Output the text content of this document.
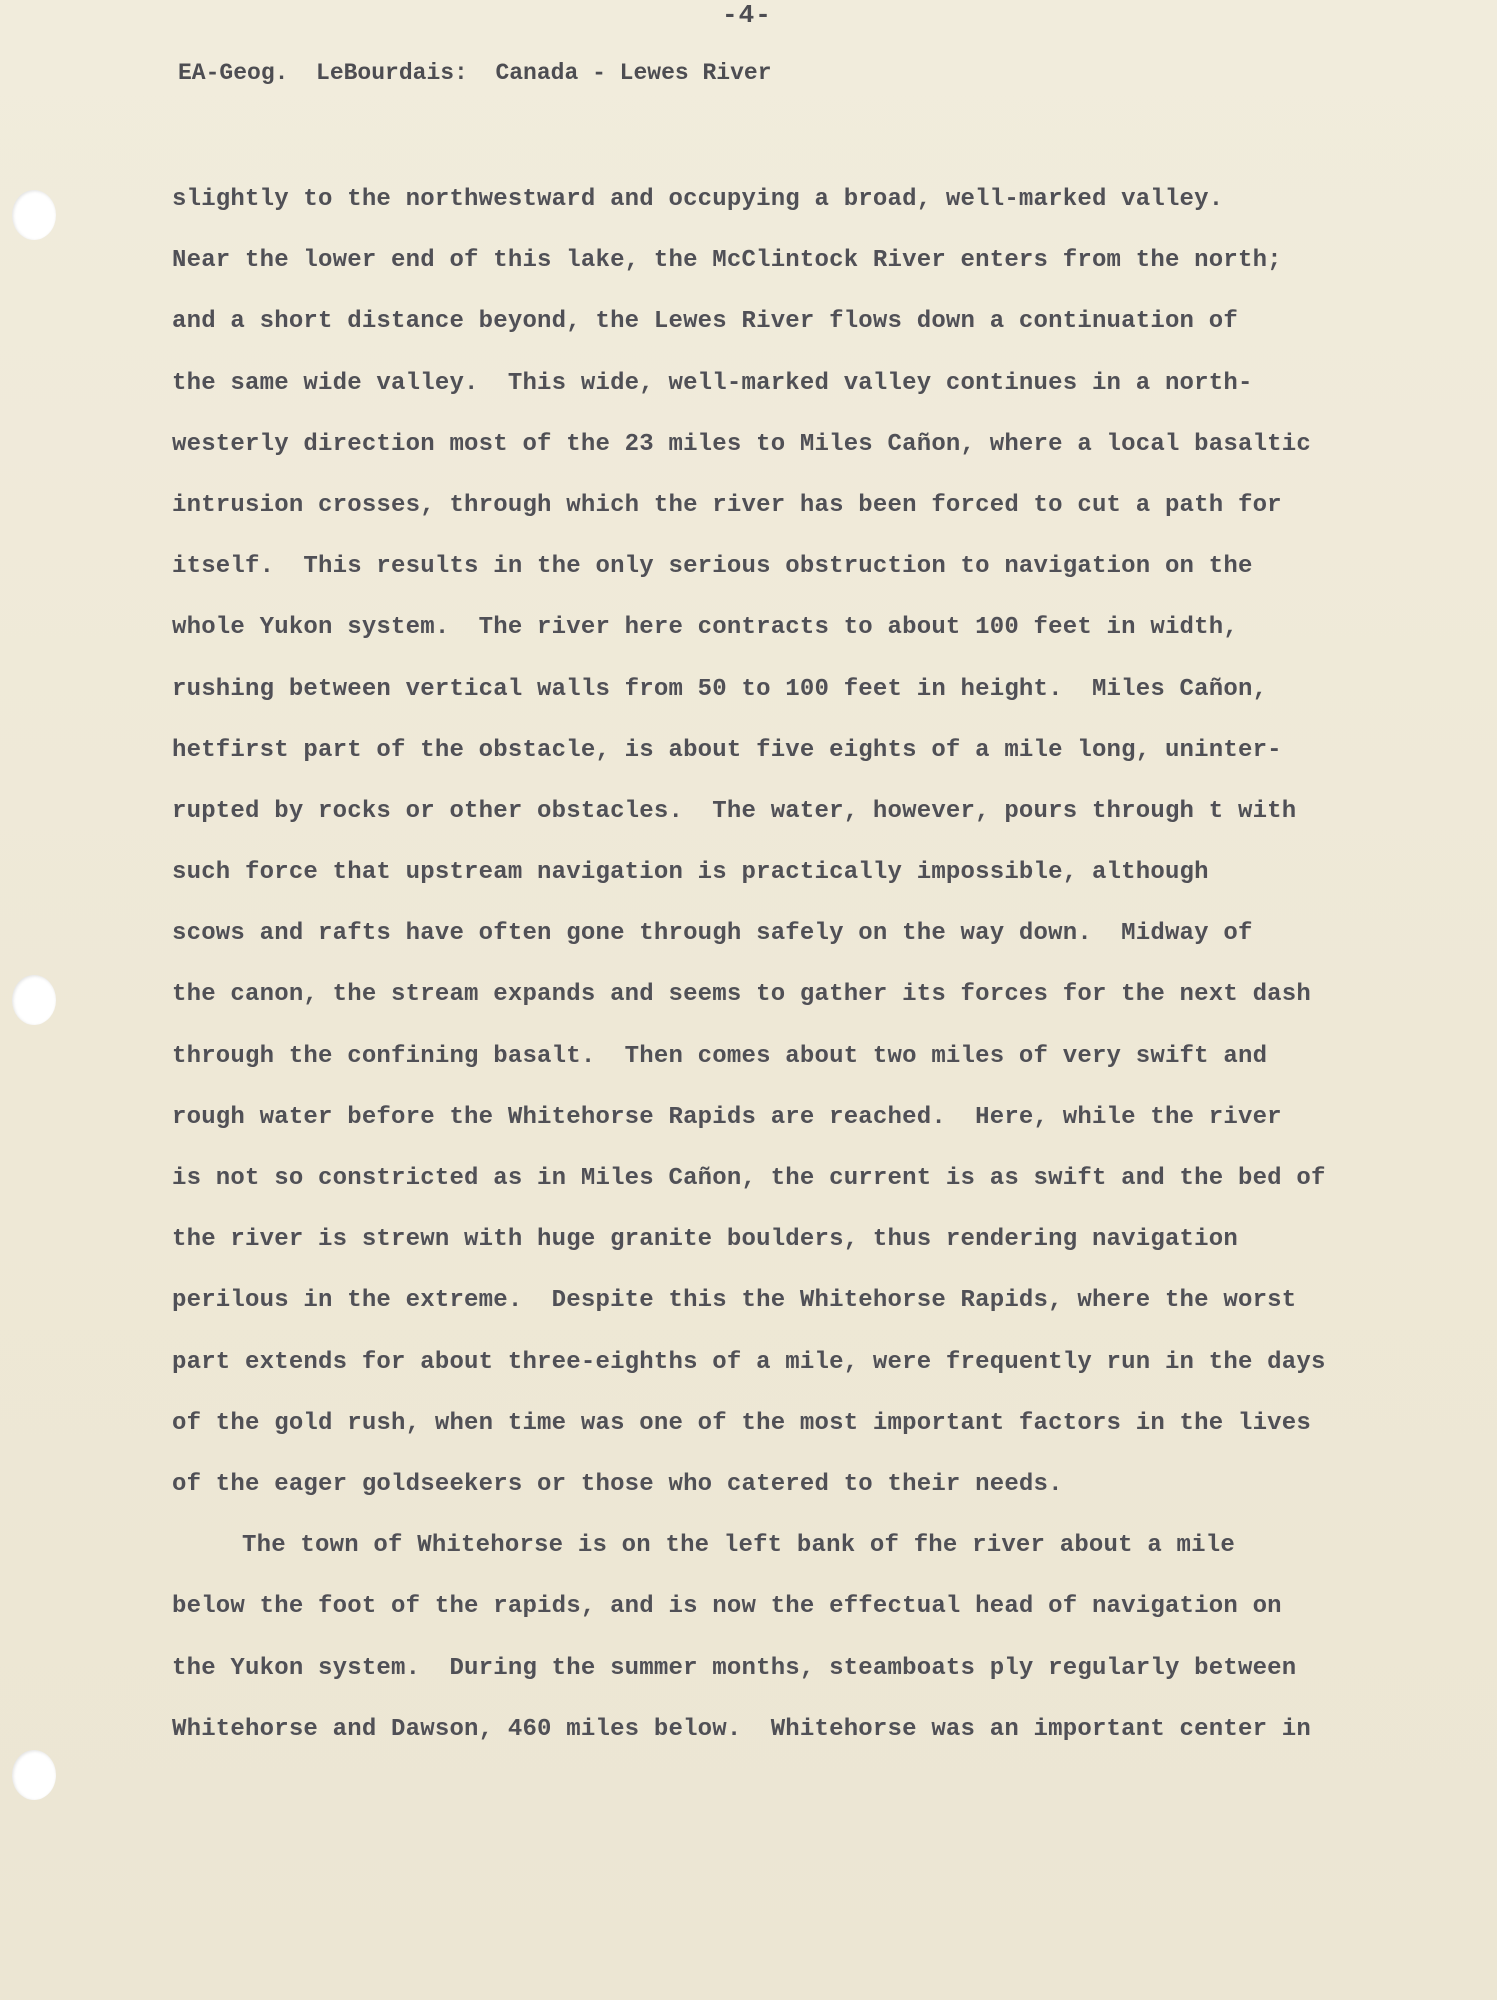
-4-
EA-Geog.  LeBourdais:  Canada - Lewes River
slightly to the northwestward and occupying a broad, well-marked valley.
Near the lower end of this lake, the McClintock River enters from the north;
and a short distance beyond, the Lewes River flows down a continuation of
the same wide valley.  This wide, well-marked valley continues in a north-
westerly direction most of the 23 miles to Miles Cañon, where a local basaltic
intrusion crosses, through which the river has been forced to cut a path for
itself.  This results in the only serious obstruction to navigation on the
whole Yukon system.  The river here contracts to about 100 feet in width,
rushing between vertical walls from 50 to 100 feet in height.  Miles Cañon,
hetfirst part of the obstacle, is about five eights of a mile long, uninter-
rupted by rocks or other obstacles.  The water, however, pours through t with
such force that upstream navigation is practically impossible, although
scows and rafts have often gone through safely on the way down.  Midway of
the canon, the stream expands and seems to gather its forces for the next dash
through the confining basalt.  Then comes about two miles of very swift and
rough water before the Whitehorse Rapids are reached.  Here, while the river
is not so constricted as in Miles Cañon, the current is as swift and the bed of
the river is strewn with huge granite boulders, thus rendering navigation
perilous in the extreme.  Despite this the Whitehorse Rapids, where the worst
part extends for about three-eighths of a mile, were frequently run in the days
of the gold rush, when time was one of the most important factors in the lives
of the eager goldseekers or those who catered to their needs.
The town of Whitehorse is on the left bank of fhe river about a mile
below the foot of the rapids, and is now the effectual head of navigation on
the Yukon system.  During the summer months, steamboats ply regularly between
Whitehorse and Dawson, 460 miles below.  Whitehorse was an important center in
